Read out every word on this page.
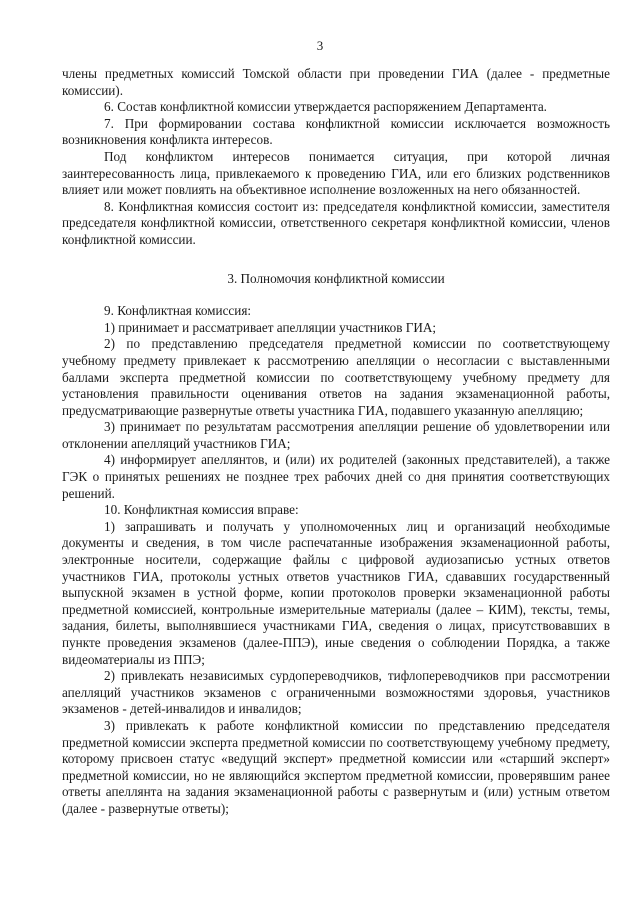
3

члены предметных комиссий Томской области при проведении ГИА (далее - предметные комиссии).

6. Состав конфликтной комиссии утверждается распоряжением Департамента.

7. При формировании состава конфликтной комиссии исключается возможность возникновения конфликта интересов.

Под конфликтом интересов понимается ситуация, при которой личная заинтересованность лица, привлекаемого к проведению ГИА, или его близких родственников влияет или может повлиять на объективное исполнение возложенных на него обязанностей.

8. Конфликтная комиссия состоит из: председателя конфликтной комиссии, заместителя председателя конфликтной комиссии, ответственного секретаря конфликтной комиссии, членов конфликтной комиссии.

3. Полномочия конфликтной комиссии

9. Конфликтная комиссия:

1) принимает и рассматривает апелляции участников ГИА;

2) по представлению председателя предметной комиссии по соответствующему учебному предмету привлекает к рассмотрению апелляции о несогласии с выставленными баллами эксперта предметной комиссии по соответствующему учебному предмету для установления правильности оценивания ответов на задания экзаменационной работы, предусматривающие развернутые ответы участника ГИА, подавшего указанную апелляцию;

3) принимает по результатам рассмотрения апелляции решение об удовлетворении или отклонении апелляций участников ГИА;

4) информирует апеллянтов, и (или) их родителей (законных представителей), а также ГЭК о принятых решениях не позднее трех рабочих дней со дня принятия соответствующих решений.

10. Конфликтная комиссия вправе:

1) запрашивать и получать у уполномоченных лиц и организаций необходимые документы и сведения, в том числе распечатанные изображения экзаменационной работы, электронные носители, содержащие файлы с цифровой аудиозаписью устных ответов участников ГИА, протоколы устных ответов участников ГИА, сдававших государственный выпускной экзамен в устной форме, копии протоколов проверки экзаменационной работы предметной комиссией, контрольные измерительные материалы (далее – КИМ), тексты, темы, задания, билеты, выполнявшиеся участниками ГИА, сведения о лицах, присутствовавших в пункте проведения экзаменов (далее-ППЭ), иные сведения о соблюдении Порядка, а также видеоматериалы из ППЭ;

2) привлекать независимых сурдопереводчиков, тифлопереводчиков при рассмотрении апелляций участников экзаменов с ограниченными возможностями здоровья, участников экзаменов - детей-инвалидов и инвалидов;

3) привлекать к работе конфликтной комиссии по представлению председателя предметной комиссии эксперта предметной комиссии по соответствующему учебному предмету, которому присвоен статус «ведущий эксперт» предметной комиссии или «старший эксперт» предметной комиссии, но не являющийся экспертом предметной комиссии, проверявшим ранее ответы апеллянта на задания экзаменационной работы с развернутым и (или) устным ответом (далее - развернутые ответы);
